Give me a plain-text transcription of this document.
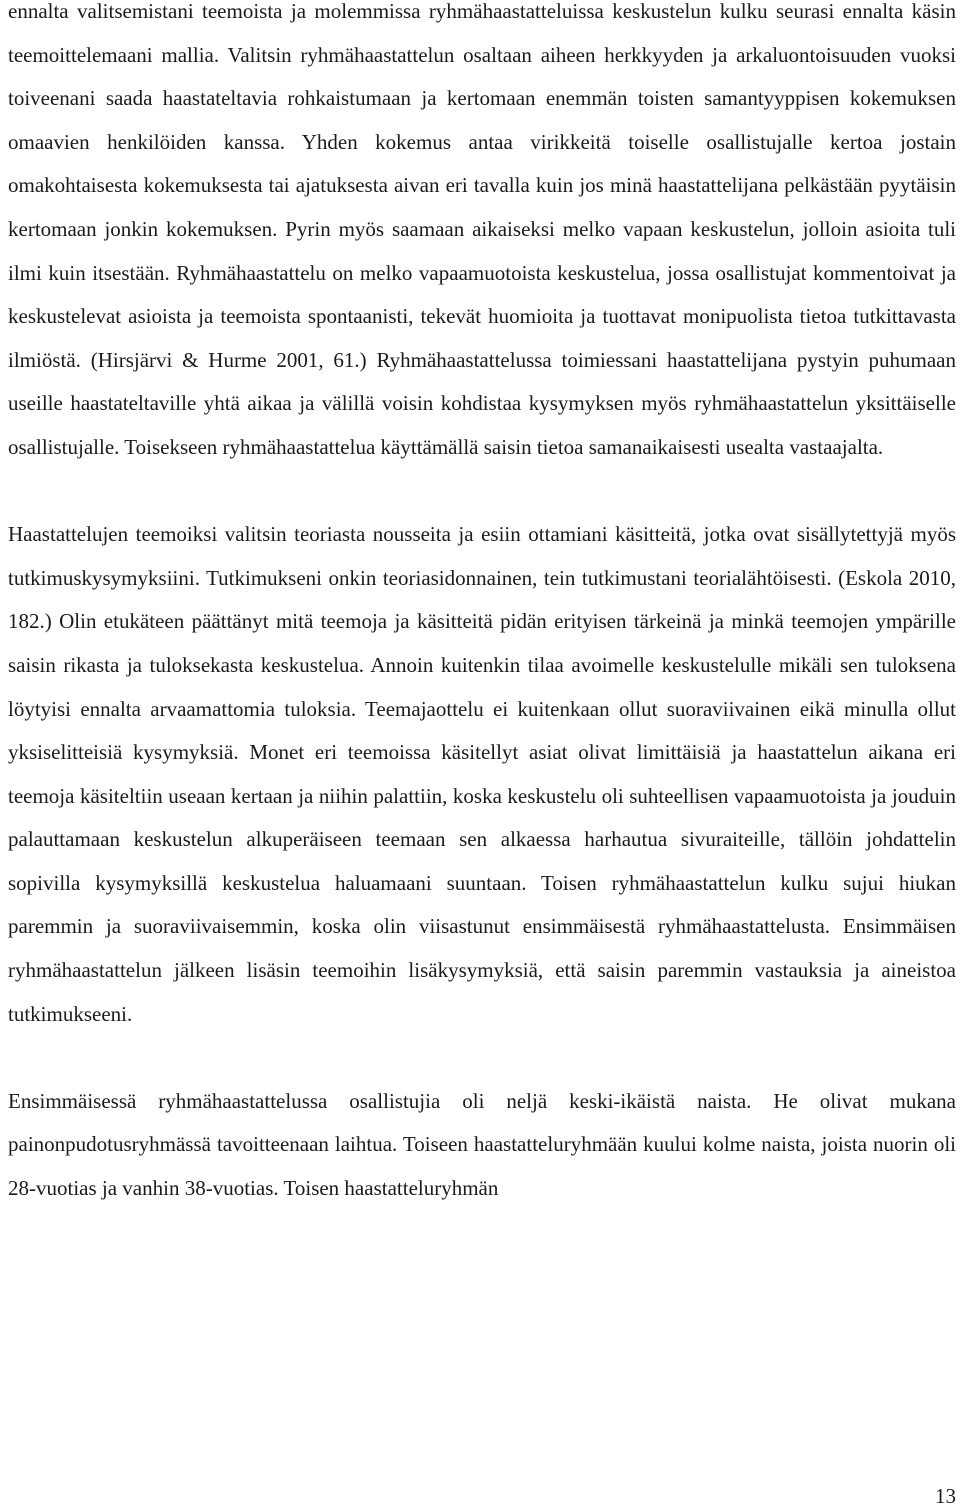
ennalta valitsemistani teemoista ja molemmissa ryhmähaastatteluissa keskustelun kulku seurasi ennalta käsin teemoittelemaani mallia. Valitsin ryhmähaastattelun osaltaan aiheen herkkyyden ja arkaluontoisuuden vuoksi toiveenani saada haastateltavia rohkaistumaan ja kertomaan enemmän toisten samantyyppisen kokemuksen omaavien henkilöiden kanssa. Yhden kokemus antaa virikkeitä toiselle osallistujalle kertoa jostain omakohtaisesta kokemuksesta tai ajatuksesta aivan eri tavalla kuin jos minä haastattelijana pelkästään pyytäisin kertomaan jonkin kokemuksen. Pyrin myös saamaan aikaiseksi melko vapaan keskustelun, jolloin asioita tuli ilmi kuin itsestään. Ryhmähaastattelu on melko vapaamuotoista keskustelua, jossa osallistujat kommentoivat ja keskustelevat asioista ja teemoista spontaanisti, tekevät huomioita ja tuottavat monipuolista tietoa tutkittavasta ilmiöstä. (Hirsjärvi & Hurme 2001, 61.) Ryhmähaastattelussa toimiessani haastattelijana pystyin puhumaan useille haastateltaville yhtä aikaa ja välillä voisin kohdistaa kysymyksen myös ryhmähaastattelun yksittäiselle osallistujalle. Toisekseen ryhmähaastattelua käyttämällä saisin tietoa samanaikaisesti usealta vastaajalta.

Haastattelujen teemoiksi valitsin teoriasta nousseita ja esiin ottamiani käsitteitä, jotka ovat sisällytettyjä myös tutkimuskysymyksiini. Tutkimukseni onkin teoriasidonnainen, tein tutkimustani teorialähtöisesti. (Eskola 2010, 182.) Olin etukäteen päättänyt mitä teemoja ja käsitteitä pidän erityisen tärkeinä ja minkä teemojen ympärille saisin rikasta ja tuloksekasta keskustelua. Annoin kuitenkin tilaa avoimelle keskustelulle mikäli sen tuloksena löytyisi ennalta arvaamattomia tuloksia. Teemajaottelu ei kuitenkaan ollut suoraviivainen eikä minulla ollut yksiselitteisiä kysymyksiä. Monet eri teemoissa käsitellyt asiat olivat limittäisiä ja haastattelun aikana eri teemoja käsiteltiin useaan kertaan ja niihin palattiin, koska keskustelu oli suhteellisen vapaamuotoista ja jouduin palauttamaan keskustelun alkuperäiseen teemaan sen alkaessa harhautua sivuraiteille, tällöin johdattelin sopivilla kysymyksillä keskustelua haluamaani suuntaan. Toisen ryhmähaastattelun kulku sujui hiukan paremmin ja suoraviivaisemmin, koska olin viisastunut ensimmäisestä ryhmähaastattelusta. Ensimmäisen ryhmähaastattelun jälkeen lisäsin teemoihin lisäkysymyksiä, että saisin paremmin vastauksia ja aineistoa tutkimukseeni.

Ensimmäisessä ryhmähaastattelussa osallistujia oli neljä keski-ikäistä naista. He olivat mukana painonpudotusryhmässä tavoitteenaan laihtua. Toiseen haastatteluryhmään kuului kolme naista, joista nuorin oli 28-vuotias ja vanhin 38-vuotias. Toisen haastatteluryhmän

13
